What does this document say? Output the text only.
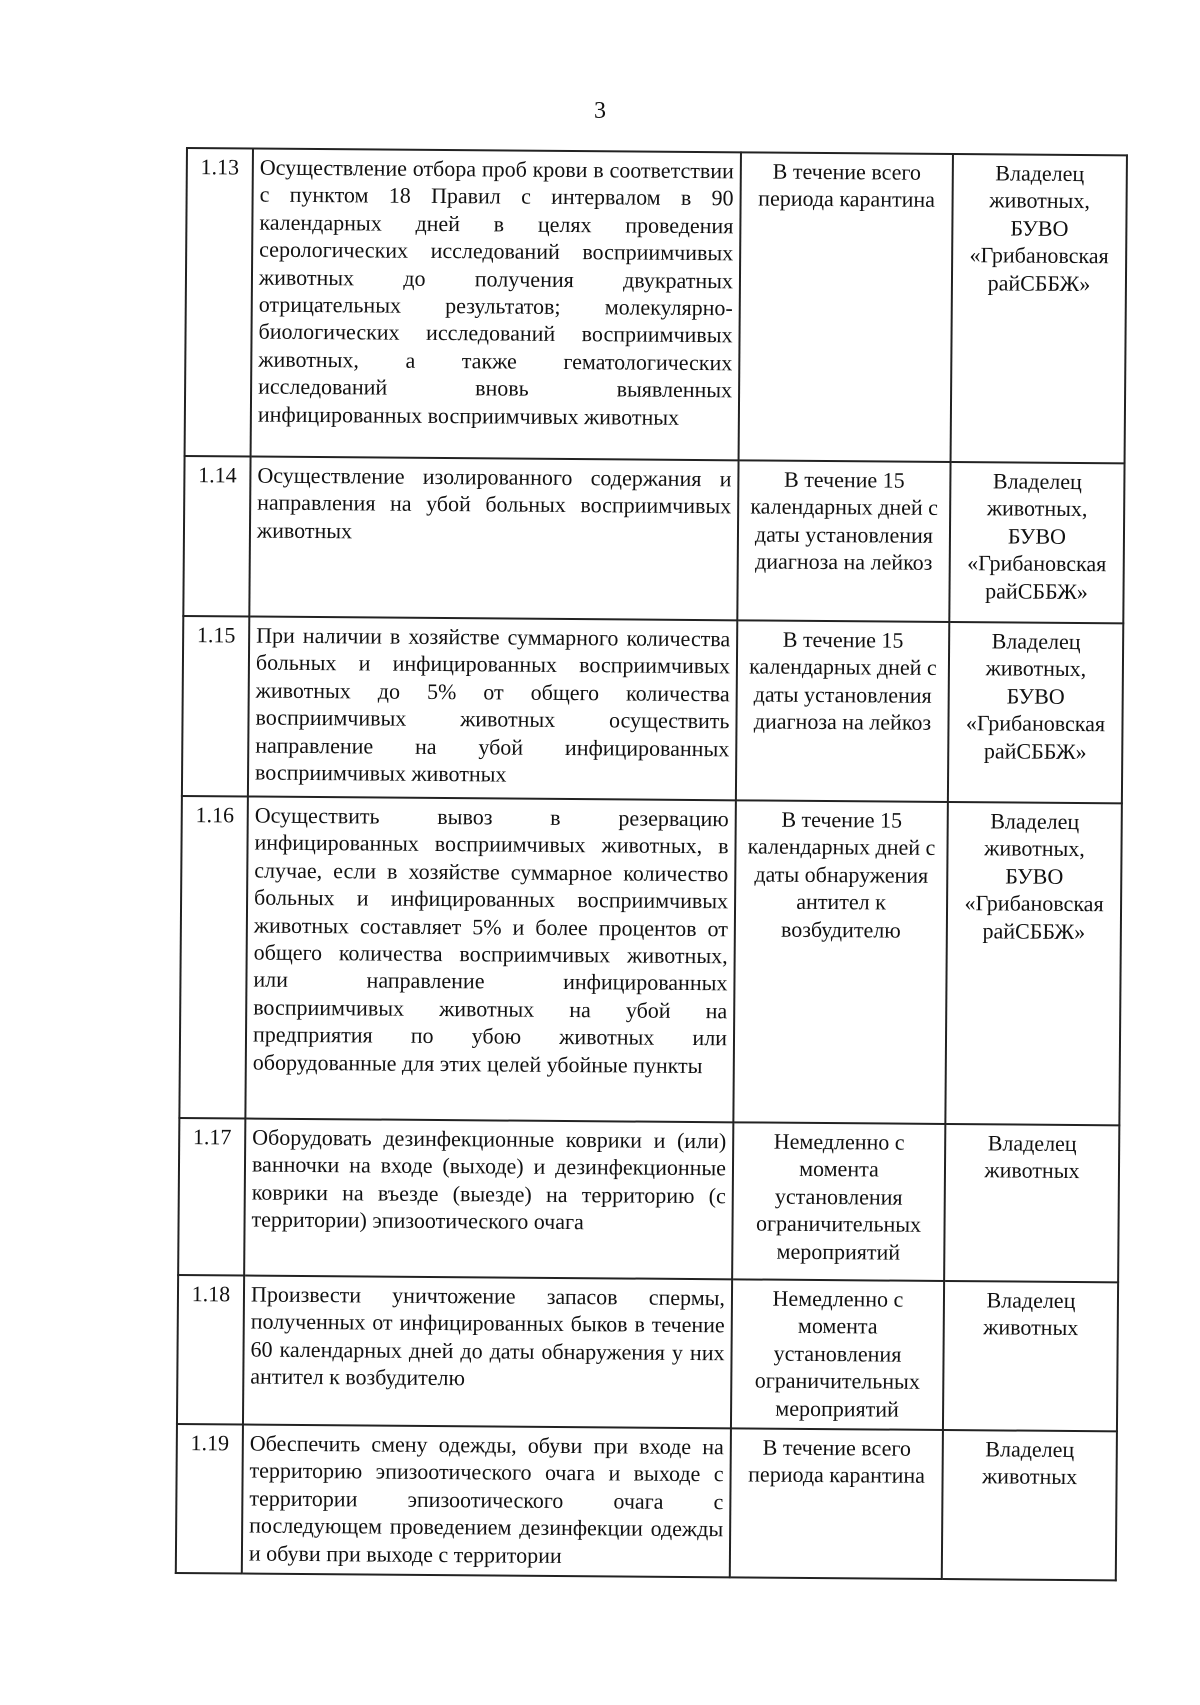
3
1.13	Осуществление отбора проб крови в соответствии с пунктом 18 Правил с интервалом в 90 календарных дней в целях проведения серологических исследований восприимчивых животных до получения двукратных отрицательных результатов; молекулярно-биологических исследований восприимчивых животных, а также гематологических исследований вновь выявленных инфицированных восприимчивых животных	В течение всего периода карантина	Владелец животных, БУВО «Грибановская райСББЖ»
1.14	Осуществление изолированного содержания и направления на убой больных восприимчивых животных	В течение 15 календарных дней с даты установления диагноза на лейкоз	Владелец животных, БУВО «Грибановская райСББЖ»
1.15	При наличии в хозяйстве суммарного количества больных и инфицированных восприимчивых животных до 5% от общего количества восприимчивых животных осуществить направление на убой инфицированных восприимчивых животных	В течение 15 календарных дней с даты установления диагноза на лейкоз	Владелец животных, БУВО «Грибановская райСББЖ»
1.16	Осуществить вывоз в резервацию инфицированных восприимчивых животных, в случае, если в хозяйстве суммарное количество больных и инфицированных восприимчивых животных составляет 5% и более процентов от общего количества восприимчивых животных, или направление инфицированных восприимчивых животных на убой на предприятия по убою животных или оборудованные для этих целей убойные пункты	В течение 15 календарных дней с даты обнаружения антител к возбудителю	Владелец животных, БУВО «Грибановская райСББЖ»
1.17	Оборудовать дезинфекционные коврики и (или) ванночки на входе (выходе) и дезинфекционные коврики на въезде (выезде) на территорию (с территории) эпизоотического очага	Немедленно с момента установления ограничительных мероприятий	Владелец животных
1.18	Произвести уничтожение запасов спермы, полученных от инфицированных быков в течение 60 календарных дней до даты обнаружения у них антител к возбудителю	Немедленно с момента установления ограничительных мероприятий	Владелец животных
1.19	Обеспечить смену одежды, обуви при входе на территорию эпизоотического очага и выходе с территории эпизоотического очага с последующем проведением дезинфекции одежды и обуви при выходе с территории	В течение всего периода карантина	Владелец животных
